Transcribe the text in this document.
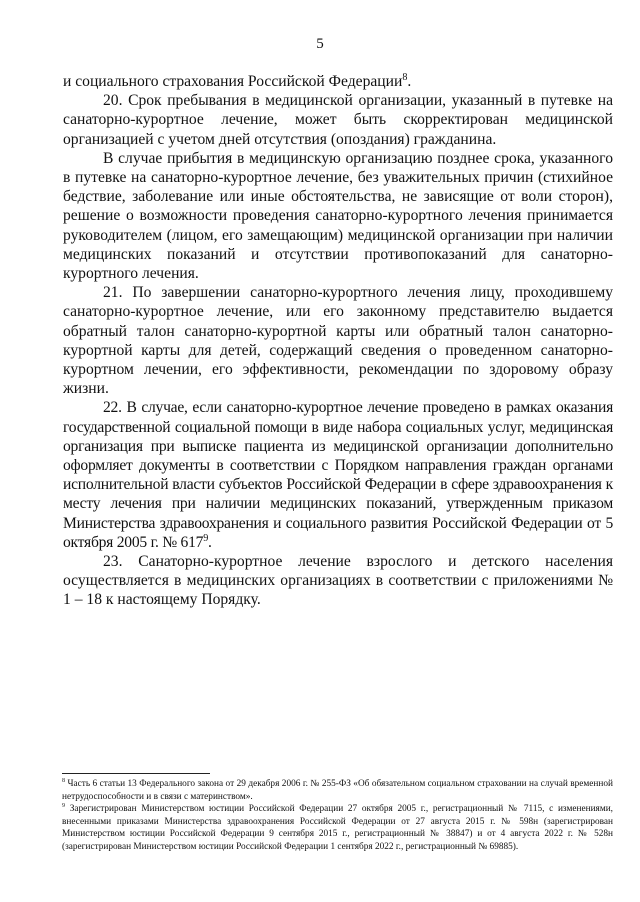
5

и социального страхования Российской Федерации$^8$.

20. Срок пребывания в медицинской организации, указанный в путевке на санаторно-курортное лечение, может быть скорректирован медицинской организацией с учетом дней отсутствия (опоздания) гражданина.

В случае прибытия в медицинскую организацию позднее срока, указанного в путевке на санаторно-курортное лечение, без уважительных причин (стихийное бедствие, заболевание или иные обстоятельства, не зависящие от воли сторон), решение о возможности проведения санаторно-курортного лечения принимается руководителем (лицом, его замещающим) медицинской организации при наличии медицинских показаний и отсутствии противопоказаний для санаторно-курортного лечения.

21. По завершении санаторно-курортного лечения лицу, проходившему санаторно-курортное лечение, или его законному представителю выдается обратный талон санаторно-курортной карты или обратный талон санаторно-курортной карты для детей, содержащий сведения о проведенном санаторно-курортном лечении, его эффективности, рекомендации по здоровому образу жизни.

22. В случае, если санаторно-курортное лечение проведено в рамках оказания государственной социальной помощи в виде набора социальных услуг, медицинская организация при выписке пациента из медицинской организации дополнительно оформляет документы в соответствии с Порядком направления граждан органами исполнительной власти субъектов Российской Федерации в сфере здравоохранения к месту лечения при наличии медицинских показаний, утвержденным приказом Министерства здравоохранения и социального развития Российской Федерации от 5 октября 2005 г. № $617^9$.

23. Санаторно-курортное лечение взрослого и детского населения осуществляется в медицинских организациях в соответствии с приложениями № 1 – 18 к настоящему Порядку.

$^8$ Часть 6 статьи 13 Федерального закона от 29 декабря 2006 г. № 255-ФЗ «Об обязательном социальном страховании на случай временной нетрудоспособности и в связи с материнством».

$^9$ Зарегистрирован Министерством юстиции Российской Федерации 27 октября 2005 г., регистрационный № 7115, с изменениями, внесенными приказами Министерства здравоохранения Российской Федерации от 27 августа 2015 г. № 598н (зарегистрирован Министерством юстиции Российской Федерации 9 сентября 2015 г., регистрационный № 38847) и от 4 августа 2022 г. № 528н (зарегистрирован Министерством юстиции Российской Федерации 1 сентября 2022 г., регистрационный № 69885).
